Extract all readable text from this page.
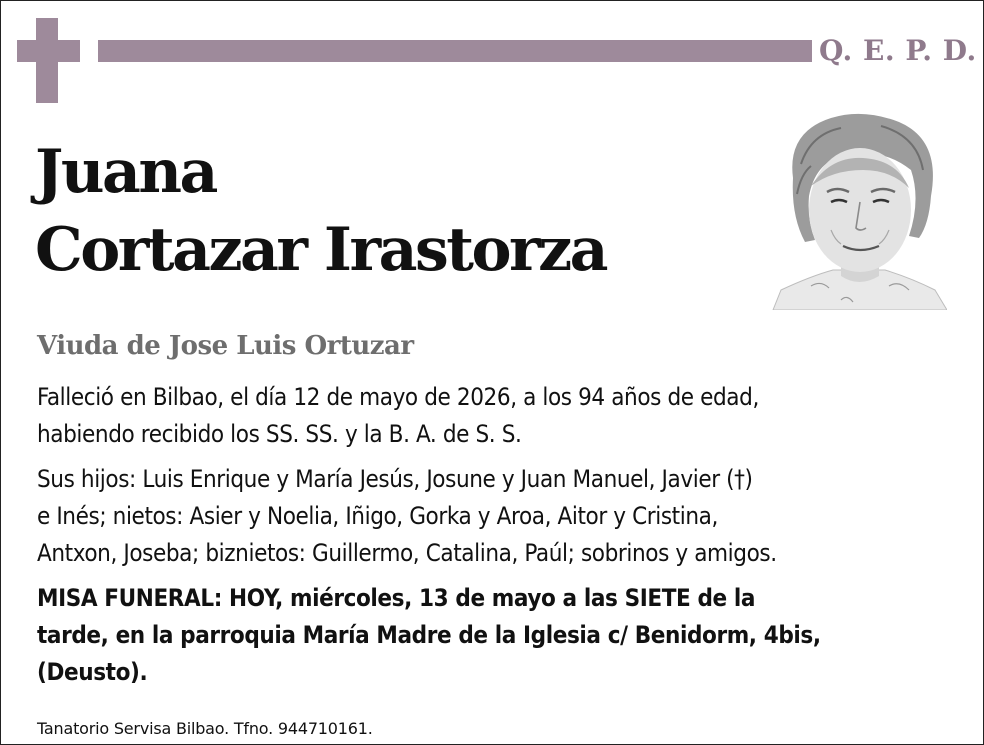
Q. E. P. D.
Juana
Cortazar Irastorza
Viuda de Jose Luis Ortuzar

Falleció en Bilbao, el día 12 de mayo de 2026, a los 94 años de edad,
habiendo recibido los SS. SS. y la B. A. de S. S.

Sus hijos: Luis Enrique y María Jesús, Josune y Juan Manuel, Javier (†)
e Inés; nietos: Asier y Noelia, Iñigo, Gorka y Aroa, Aitor y Cristina,
Antxon, Joseba; biznietos: Guillermo, Catalina, Paúl; sobrinos y amigos.

MISA FUNERAL: HOY, miércoles, 13 de mayo a las SIETE de la
tarde, en la parroquia María Madre de la Iglesia c/ Benidorm, 4bis,
(Deusto).

Tanatorio Servisa Bilbao. Tfno. 944710161.
